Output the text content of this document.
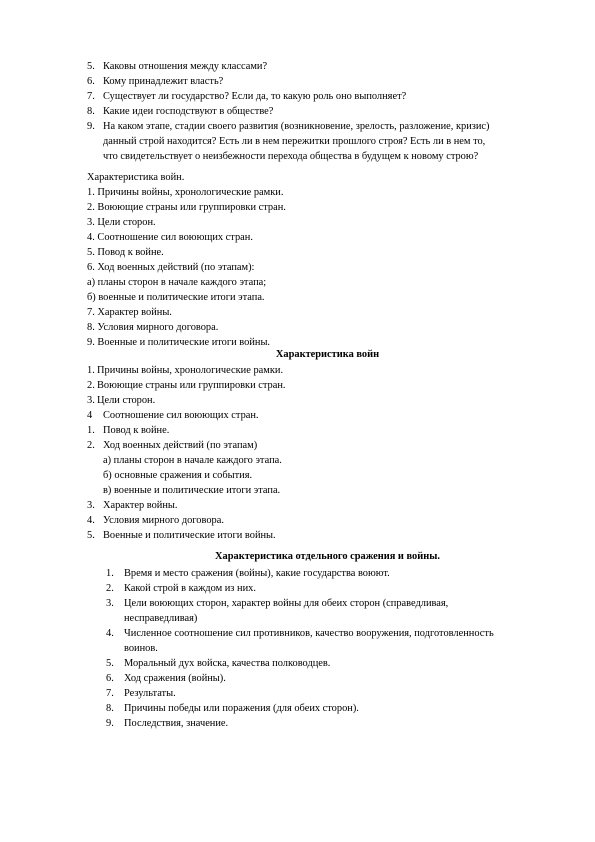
5. Каковы отношения между классами?
6. Кому принадлежит власть?
7. Существует ли государство? Если да, то какую роль оно выполняет?
8. Какие идеи господствуют в обществе?
9. На каком этапе, стадии своего развития (возникновение, зрелость, разложение, кризис)
данный строй находится? Есть ли в нем пережитки прошлого строя? Есть ли в нем то,
что свидетельствует о неизбежности перехода общества в будущем к новому строю?
Характеристика войн.
1. Причины войны, хронологические рамки.
2. Воюющие страны или группировки стран.
3. Цели сторон.
4. Соотношение сил воюющих стран.
5. Повод к войне.
6. Ход военных действий (по этапам):
а) планы сторон в начале каждого этапа;
б) военные и политические итоги этапа.
7. Характер войны.
8. Условия мирного договора.
9. Военные и политические итоги войны.
Характеристика войн
1. Причины войны, хронологические рамки.
2. Воюющие страны или группировки стран.
3. Цели сторон.
4 Соотношение сил воюющих стран.
1. Повод к войне.
2. Ход военных действий (по этапам)
а) планы сторон в начале каждого этапа.
б) основные сражения и события.
в) военные и политические итоги этапа.
3. Характер войны.
4. Условия мирного договора.
5. Военные и политические итоги войны.
Характеристика отдельного сражения и войны.
1. Время и место сражения (войны), какие государства воюют.
2. Какой строй в каждом из них.
3. Цели воюющих сторон, характер войны для обеих сторон (справедливая,
несправедливая)
4. Численное соотношение сил противников, качество вооружения, подготовленность
воинов.
5. Моральный дух войска, качества полководцев.
6. Ход сражения (войны).
7. Результаты.
8. Причины победы или поражения (для обеих сторон).
9. Последствия, значение.
